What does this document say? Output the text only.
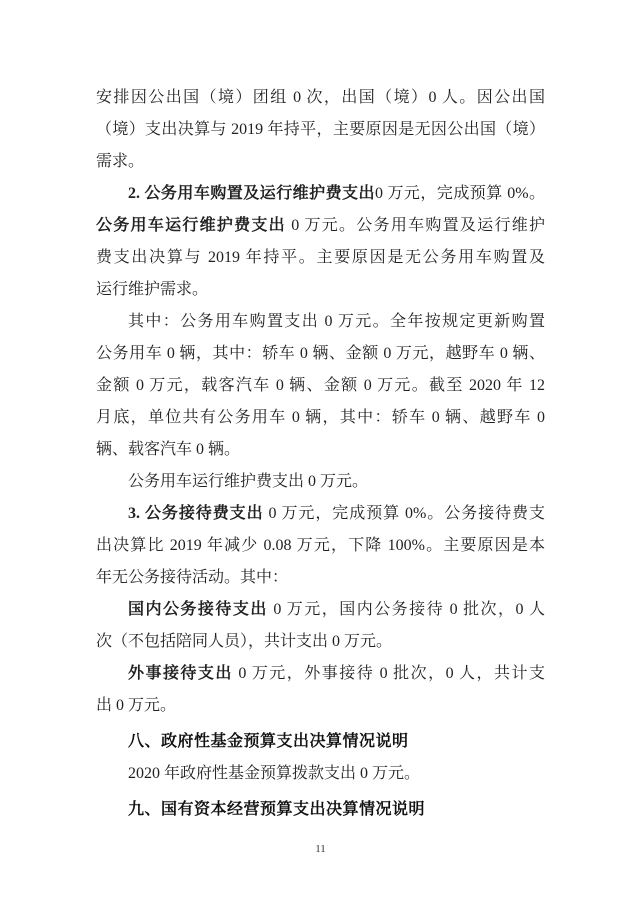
安排因公出国（境）团组 0 次，出国（境）0 人。因公出国
（境）支出决算与 2019 年持平，主要原因是无因公出国（境）
需求。
2. 公务用车购置及运行维护费支出0 万元，完成预算 0%。
公务用车运行维护费支出 0 万元。公务用车购置及运行维护
费支出决算与 2019 年持平。主要原因是无公务用车购置及
运行维护需求。
其中：公务用车购置支出 0 万元。全年按规定更新购置
公务用车 0 辆，其中：轿车 0 辆、金额 0 万元，越野车 0 辆、
金额 0 万元，载客汽车 0 辆、金额 0 万元。截至 2020 年 12
月底，单位共有公务用车 0 辆，其中：轿车 0 辆、越野车 0
辆、载客汽车 0 辆。
公务用车运行维护费支出 0 万元。
3. 公务接待费支出 0 万元，完成预算 0%。公务接待费支
出决算比 2019 年减少 0.08 万元，下降 100%。主要原因是本
年无公务接待活动。其中：
国内公务接待支出 0 万元，国内公务接待 0 批次，0 人
次（不包括陪同人员），共计支出 0 万元。
外事接待支出 0 万元，外事接待 0 批次，0 人，共计支
出 0 万元。
八、政府性基金预算支出决算情况说明
2020 年政府性基金预算拨款支出 0 万元。
九、国有资本经营预算支出决算情况说明
11
